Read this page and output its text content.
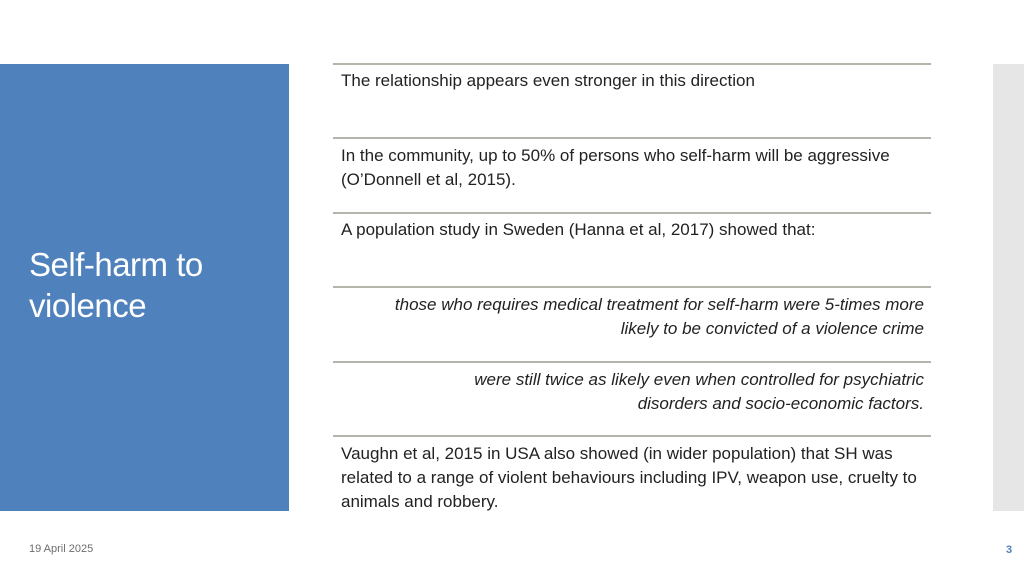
Self-harm to violence
The relationship appears even stronger in this direction
In the community, up to 50% of persons who self-harm will be aggressive (O’Donnell et al, 2015).
A population study in Sweden (Hanna et al, 2017) showed that:
those who requires medical treatment for self-harm were 5-times more likely to be convicted of a violence crime
were still twice as likely even when controlled for psychiatric disorders and socio-economic factors.
Vaughn et al, 2015 in USA also showed (in wider population) that SH was related to a range of violent behaviours including IPV, weapon use, cruelty to animals and robbery.
19 April 2025	3
